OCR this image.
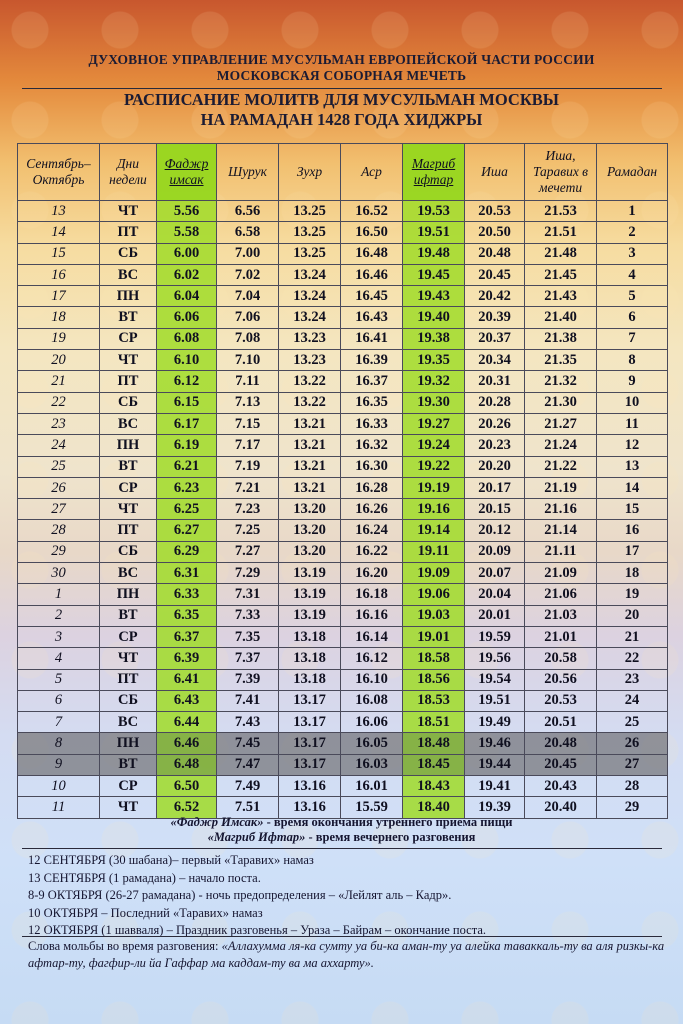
ДУХОВНОЕ УПРАВЛЕНИЕ МУСУЛЬМАН ЕВРОПЕЙСКОЙ ЧАСТИ РОССИИ
МОСКОВСКАЯ СОБОРНАЯ МЕЧЕТЬ
РАСПИСАНИЕ МОЛИТВ ДЛЯ МУСУЛЬМАН МОСКВЫ
НА РАМАДАН 1428 ГОДА ХИДЖРЫ
Сентябрь–Октябрь	Дни недели	Фаджр имсак	Шурук	Зухр	Аср	Магриб ифтар	Иша	Иша, Таравих в мечети	Рамадан
13	ЧТ	5.56	6.56	13.25	16.52	19.53	20.53	21.53	1
14	ПТ	5.58	6.58	13.25	16.50	19.51	20.50	21.51	2
15	СБ	6.00	7.00	13.25	16.48	19.48	20.48	21.48	3
16	ВС	6.02	7.02	13.24	16.46	19.45	20.45	21.45	4
17	ПН	6.04	7.04	13.24	16.45	19.43	20.42	21.43	5
18	ВТ	6.06	7.06	13.24	16.43	19.40	20.39	21.40	6
19	СР	6.08	7.08	13.23	16.41	19.38	20.37	21.38	7
20	ЧТ	6.10	7.10	13.23	16.39	19.35	20.34	21.35	8
21	ПТ	6.12	7.11	13.22	16.37	19.32	20.31	21.32	9
22	СБ	6.15	7.13	13.22	16.35	19.30	20.28	21.30	10
23	ВС	6.17	7.15	13.21	16.33	19.27	20.26	21.27	11
24	ПН	6.19	7.17	13.21	16.32	19.24	20.23	21.24	12
25	ВТ	6.21	7.19	13.21	16.30	19.22	20.20	21.22	13
26	СР	6.23	7.21	13.21	16.28	19.19	20.17	21.19	14
27	ЧТ	6.25	7.23	13.20	16.26	19.16	20.15	21.16	15
28	ПТ	6.27	7.25	13.20	16.24	19.14	20.12	21.14	16
29	СБ	6.29	7.27	13.20	16.22	19.11	20.09	21.11	17
30	ВС	6.31	7.29	13.19	16.20	19.09	20.07	21.09	18
1	ПН	6.33	7.31	13.19	16.18	19.06	20.04	21.06	19
2	ВТ	6.35	7.33	13.19	16.16	19.03	20.01	21.03	20
3	СР	6.37	7.35	13.18	16.14	19.01	19.59	21.01	21
4	ЧТ	6.39	7.37	13.18	16.12	18.58	19.56	20.58	22
5	ПТ	6.41	7.39	13.18	16.10	18.56	19.54	20.56	23
6	СБ	6.43	7.41	13.17	16.08	18.53	19.51	20.53	24
7	ВС	6.44	7.43	13.17	16.06	18.51	19.49	20.51	25
8	ПН	6.46	7.45	13.17	16.05	18.48	19.46	20.48	26
9	ВТ	6.48	7.47	13.17	16.03	18.45	19.44	20.45	27
10	СР	6.50	7.49	13.16	16.01	18.43	19.41	20.43	28
11	ЧТ	6.52	7.51	13.16	15.59	18.40	19.39	20.40	29
«Фаджр Имсак» - время окончания утреннего приема пищи
«Магриб Ифтар» - время вечернего разговения
12 СЕНТЯБРЯ (30 шабана)– первый «Таравих» намаз
13 СЕНТЯБРЯ (1 рамадана) – начало поста.
8-9 ОКТЯБРЯ (26-27 рамадана) - ночь предопределения – «Лейлят аль – Кадр».
10 ОКТЯБРЯ – Последний «Таравих» намаз
12 ОКТЯБРЯ (1 шавваля) – Праздник разговенья – Ураза – Байрам – окончание поста.
Слова мольбы во время разговения: «Аллахумма ля-ка сумту уа би-ка аман-ту уа алейка таваккаль-ту ва аля ризкы-ка афтар-ту, фагфир-ли йа Гаффар ма каддам-ту ва ма аххарту».
